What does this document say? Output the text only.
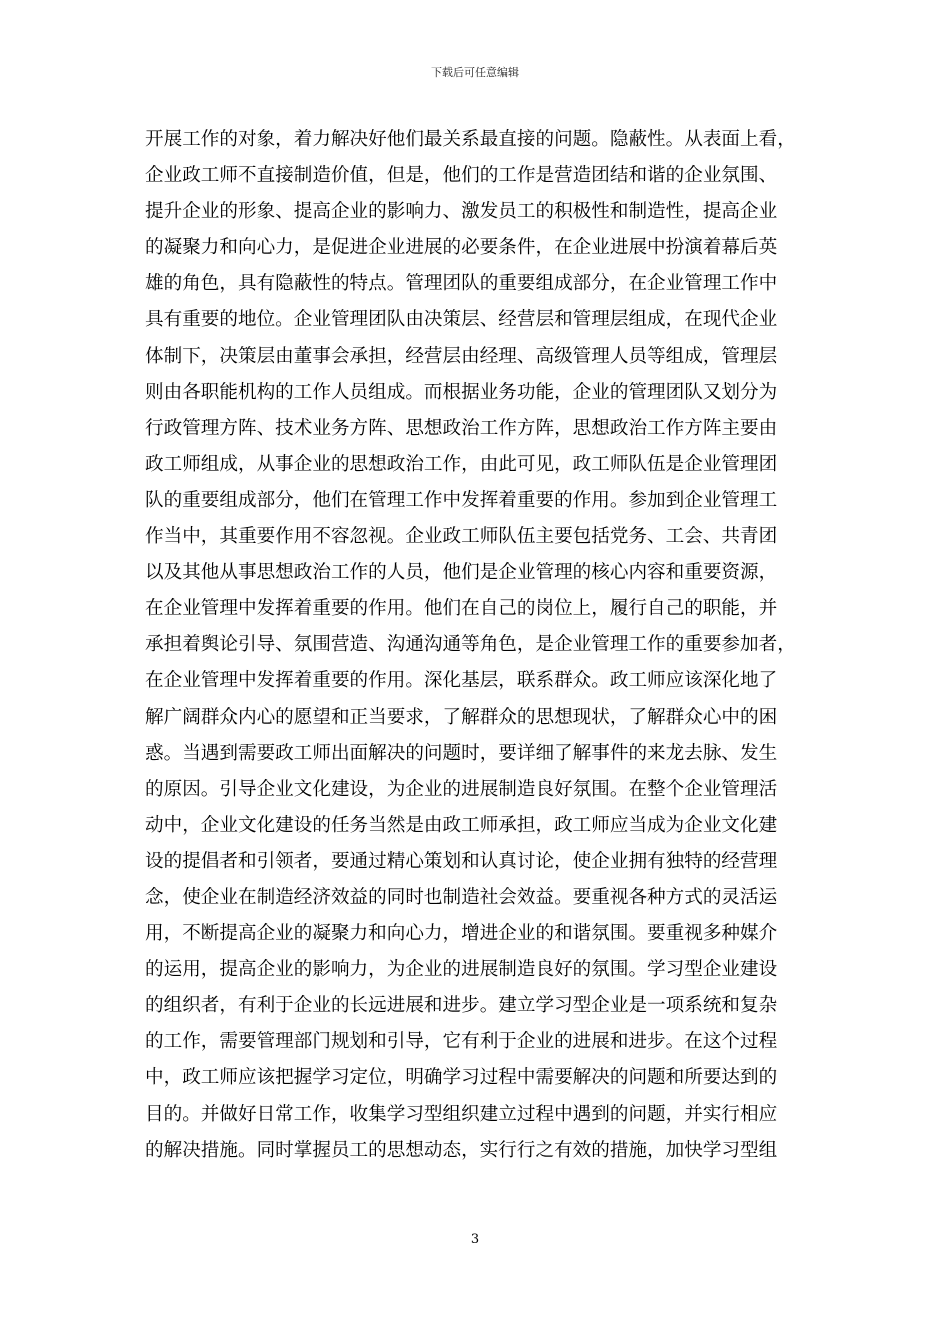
下载后可任意编辑
开展工作的对象，着力解决好他们最关系最直接的问题。隐蔽性。从表面上看，
企业政工师不直接制造价值，但是，他们的工作是营造团结和谐的企业氛围、
提升企业的形象、提高企业的影响力、激发员工的积极性和制造性，提高企业
的凝聚力和向心力，是促进企业进展的必要条件，在企业进展中扮演着幕后英
雄的角色，具有隐蔽性的特点。管理团队的重要组成部分，在企业管理工作中
具有重要的地位。企业管理团队由决策层、经营层和管理层组成，在现代企业
体制下，决策层由董事会承担，经营层由经理、高级管理人员等组成，管理层
则由各职能机构的工作人员组成。而根据业务功能，企业的管理团队又划分为
行政管理方阵、技术业务方阵、思想政治工作方阵，思想政治工作方阵主要由
政工师组成，从事企业的思想政治工作，由此可见，政工师队伍是企业管理团
队的重要组成部分，他们在管理工作中发挥着重要的作用。参加到企业管理工
作当中，其重要作用不容忽视。企业政工师队伍主要包括党务、工会、共青团
以及其他从事思想政治工作的人员，他们是企业管理的核心内容和重要资源，
在企业管理中发挥着重要的作用。他们在自己的岗位上，履行自己的职能，并
承担着舆论引导、氛围营造、沟通沟通等角色，是企业管理工作的重要参加者，
在企业管理中发挥着重要的作用。深化基层，联系群众。政工师应该深化地了
解广阔群众内心的愿望和正当要求，了解群众的思想现状，了解群众心中的困
惑。当遇到需要政工师出面解决的问题时，要详细了解事件的来龙去脉、发生
的原因。引导企业文化建设，为企业的进展制造良好氛围。在整个企业管理活
动中，企业文化建设的任务当然是由政工师承担，政工师应当成为企业文化建
设的提倡者和引领者，要通过精心策划和认真讨论，使企业拥有独特的经营理
念，使企业在制造经济效益的同时也制造社会效益。要重视各种方式的灵活运
用，不断提高企业的凝聚力和向心力，增进企业的和谐氛围。要重视多种媒介
的运用，提高企业的影响力，为企业的进展制造良好的氛围。学习型企业建设
的组织者，有利于企业的长远进展和进步。建立学习型企业是一项系统和复杂
的工作，需要管理部门规划和引导，它有利于企业的进展和进步。在这个过程
中，政工师应该把握学习定位，明确学习过程中需要解决的问题和所要达到的
目的。并做好日常工作，收集学习型组织建立过程中遇到的问题，并实行相应
的解决措施。同时掌握员工的思想动态，实行行之有效的措施，加快学习型组
3
